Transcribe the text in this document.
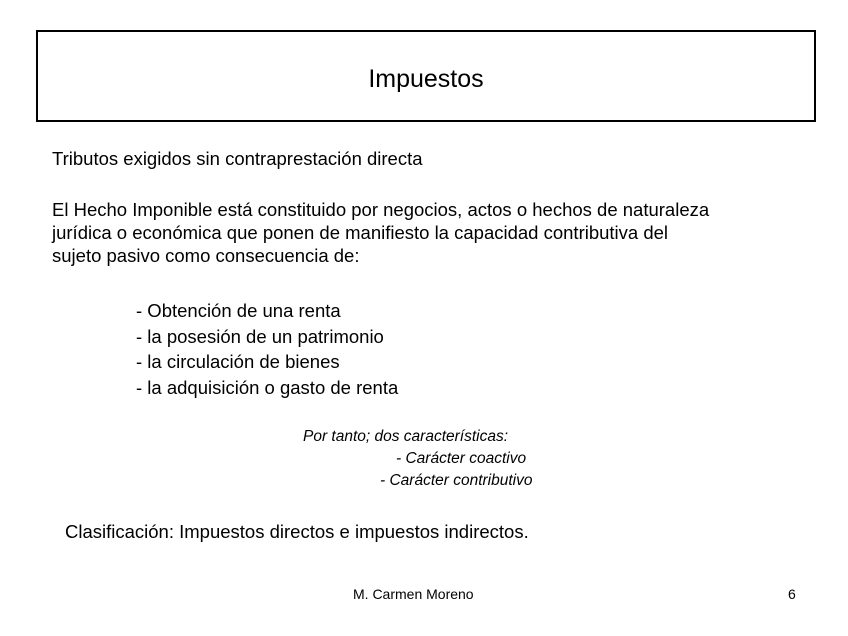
Impuestos
Tributos exigidos sin contraprestación directa
El Hecho Imponible está constituido por negocios, actos o hechos de naturaleza
jurídica o económica que ponen de manifiesto la capacidad contributiva del
sujeto pasivo como consecuencia de:
- Obtención de una renta
- la posesión de un patrimonio
- la circulación de bienes
- la adquisición o gasto de renta
Por tanto; dos características:
- Carácter coactivo
- Carácter contributivo
Clasificación: Impuestos directos e impuestos indirectos.
M. Carmen Moreno	6
